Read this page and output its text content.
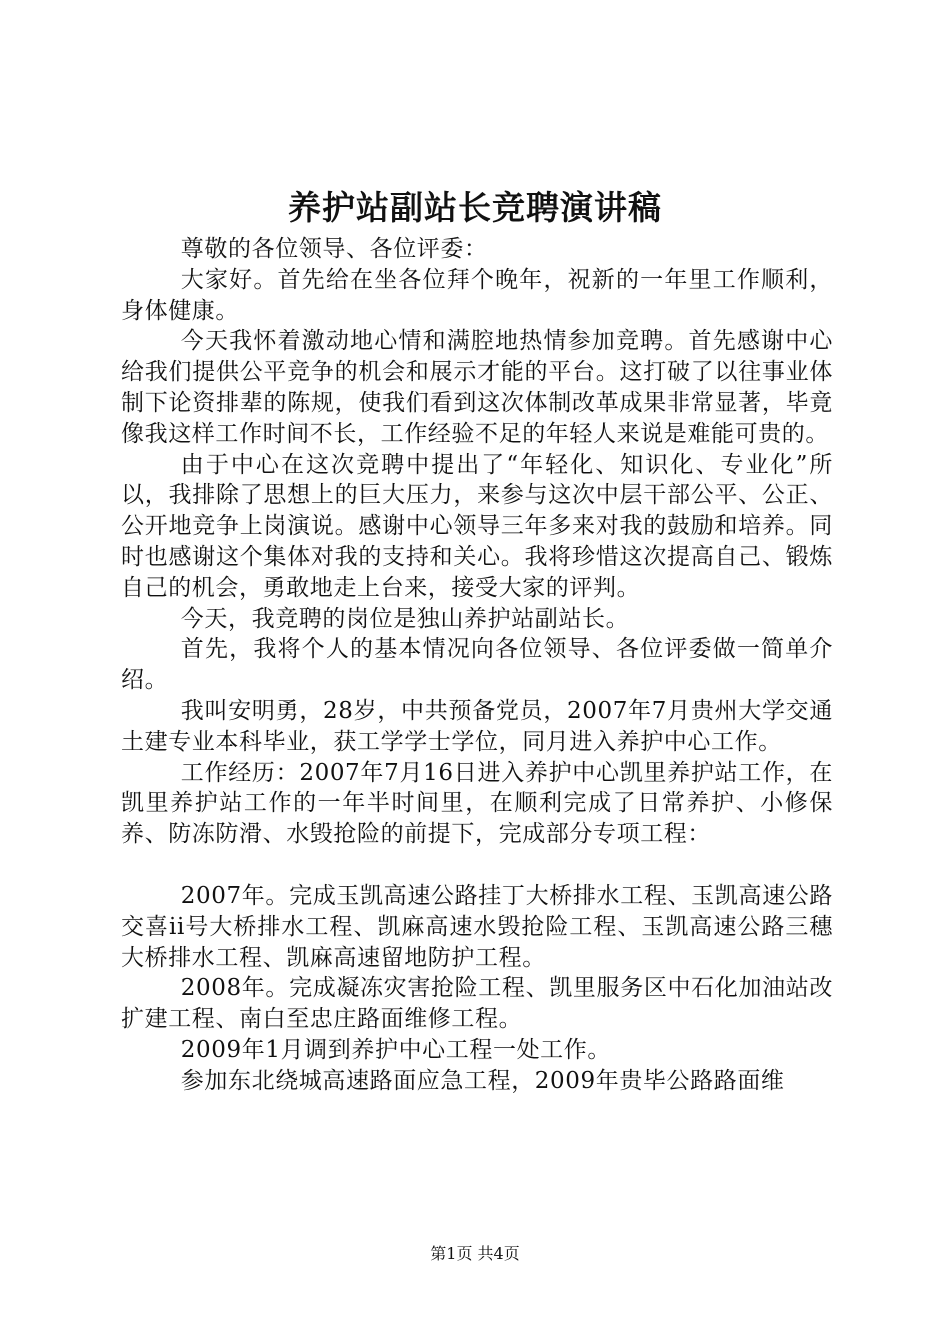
养护站副站长竞聘演讲稿

尊敬的各位领导、各位评委：

大家好。首先给在坐各位拜个晚年，祝新的一年里工作顺利，身体健康。

今天我怀着激动地心情和满腔地热情参加竞聘。首先感谢中心给我们提供公平竞争的机会和展示才能的平台。这打破了以往事业体制下论资排辈的陈规，使我们看到这次体制改革成果非常显著，毕竟像我这样工作时间不长，工作经验不足的年轻人来说是难能可贵的。

由于中心在这次竞聘中提出了“年轻化、知识化、专业化”所以，我排除了思想上的巨大压力，来参与这次中层干部公平、公正、公开地竞争上岗演说。感谢中心领导三年多来对我的鼓励和培养。同时也感谢这个集体对我的支持和关心。我将珍惜这次提高自己、锻炼自己的机会，勇敢地走上台来，接受大家的评判。

今天，我竞聘的岗位是独山养护站副站长。

首先，我将个人的基本情况向各位领导、各位评委做一简单介绍。

我叫安明勇，28岁，中共预备党员，2007年7月贵州大学交通土建专业本科毕业，获工学学士学位，同月进入养护中心工作。

工作经历：2007年7月16日进入养护中心凯里养护站工作，在凯里养护站工作的一年半时间里，在顺利完成了日常养护、小修保养、防冻防滑、水毁抢险的前提下，完成部分专项工程：

2007年。完成玉凯高速公路挂丁大桥排水工程、玉凯高速公路交喜ii号大桥排水工程、凯麻高速水毁抢险工程、玉凯高速公路三穗大桥排水工程、凯麻高速留地防护工程。

2008年。完成凝冻灾害抢险工程、凯里服务区中石化加油站改扩建工程、南白至忠庄路面维修工程。

2009年1月调到养护中心工程一处工作。

参加东北绕城高速路面应急工程，2009年贵毕公路路面维

第1页 共4页
